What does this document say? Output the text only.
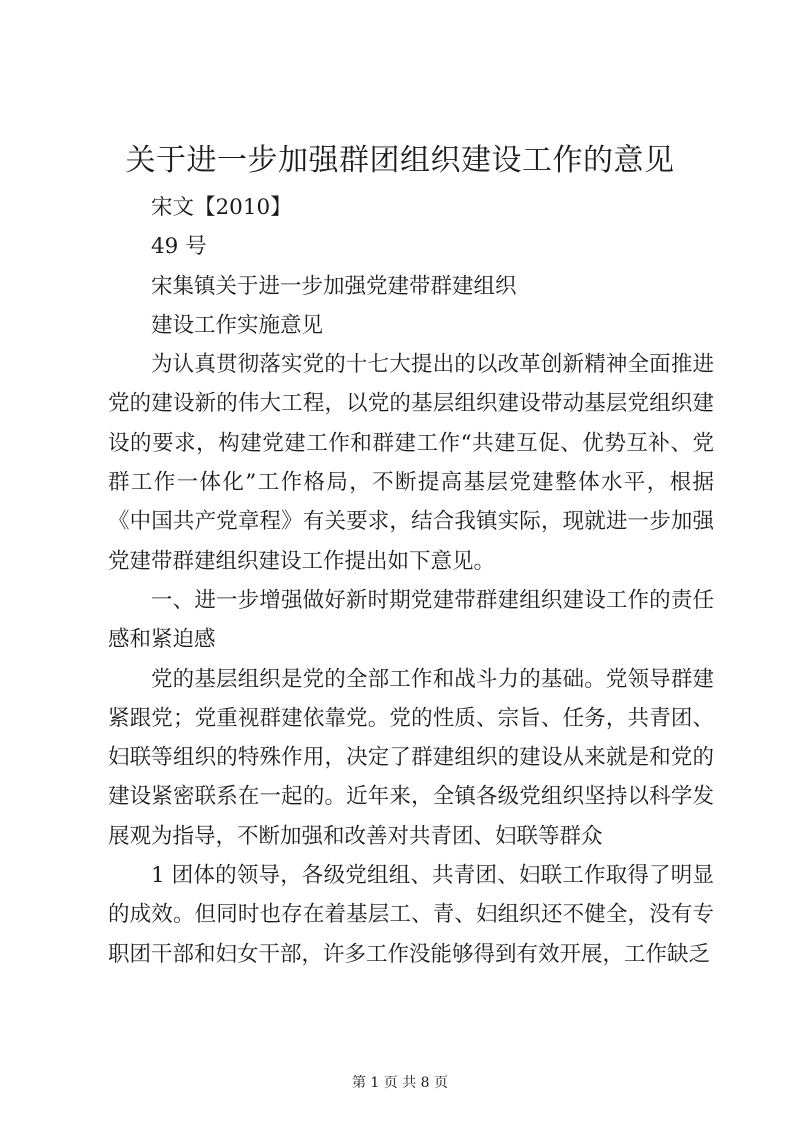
关于进一步加强群团组织建设工作的意见

宋文【2010】

49 号

宋集镇关于进一步加强党建带群建组织

建设工作实施意见

为认真贯彻落实党的十七大提出的以改革创新精神全面推进党的建设新的伟大工程，以党的基层组织建设带动基层党组织建设的要求，构建党建工作和群建工作“共建互促、优势互补、党群工作一体化”工作格局，不断提高基层党建整体水平，根据《中国共产党章程》有关要求，结合我镇实际，现就进一步加强党建带群建组织建设工作提出如下意见。

一、进一步增强做好新时期党建带群建组织建设工作的责任感和紧迫感

党的基层组织是党的全部工作和战斗力的基础。党领导群建紧跟党；党重视群建依靠党。党的性质、宗旨、任务，共青团、妇联等组织的特殊作用，决定了群建组织的建设从来就是和党的建设紧密联系在一起的。近年来，全镇各级党组织坚持以科学发展观为指导，不断加强和改善对共青团、妇联等群众

1 团体的领导，各级党组组、共青团、妇联工作取得了明显的成效。但同时也存在着基层工、青、妇组织还不健全，没有专职团干部和妇女干部，许多工作没能够得到有效开展，工作缺乏

第 1 页 共 8 页
